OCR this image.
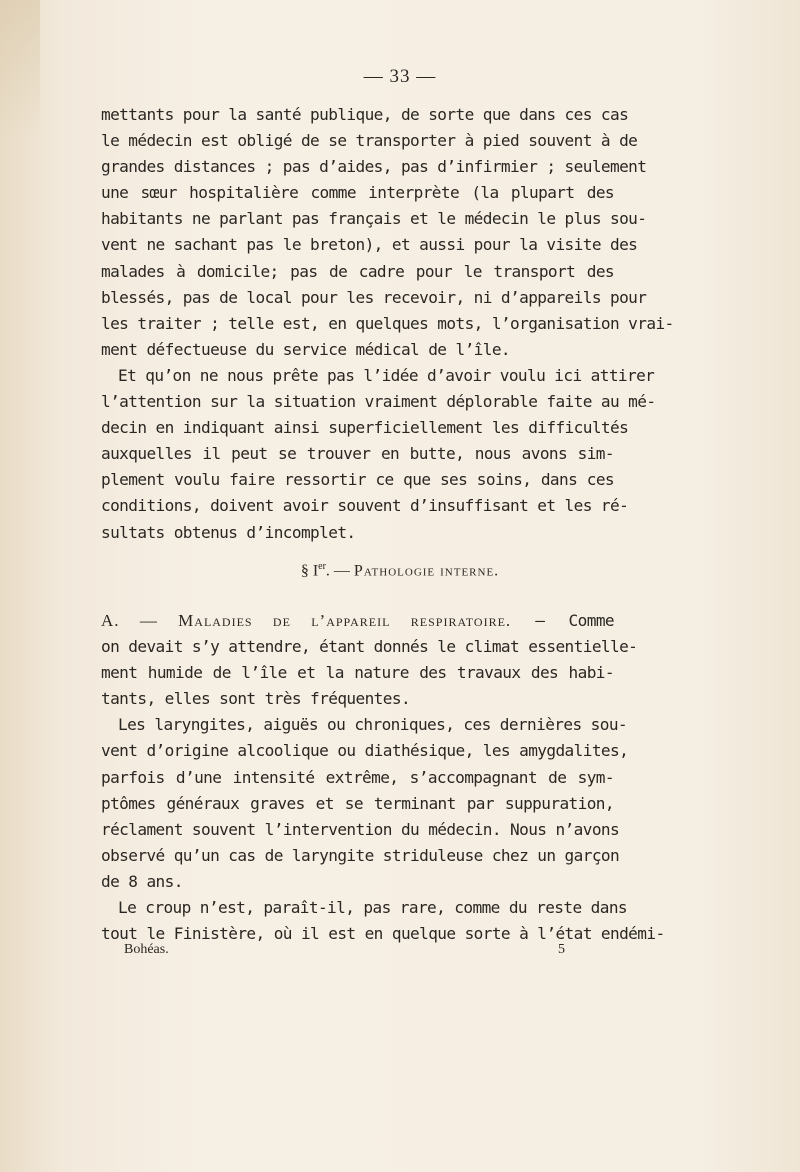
— 33 —

mettants pour la santé publique, de sorte que dans ces cas
le médecin est obligé de se transporter à pied souvent à de
grandes distances ; pas d’aides, pas d’infirmier ; seulement
une sœur hospitalière comme interprète (la plupart des
habitants ne parlant pas français et le médecin le plus sou-
vent ne sachant pas le breton), et aussi pour la visite des
malades à domicile; pas de cadre pour le transport des
blessés, pas de local pour les recevoir, ni d’appareils pour
les traiter ; telle est, en quelques mots, l’organisation vrai-
ment défectueuse du service médical de l’île.

Et qu’on ne nous prête pas l’idée d’avoir voulu ici attirer
l’attention sur la situation vraiment déplorable faite au mé-
decin en indiquant ainsi superficiellement les difficultés
auxquelles il peut se trouver en butte, nous avons sim-
plement voulu faire ressortir ce que ses soins, dans ces
conditions, doivent avoir souvent d’insuffisant et les ré-
sultats obtenus d’incomplet.

§ Ier. — Pathologie interne.

A. — Maladies de l’appareil respiratoire. — Comme
on devait s’y attendre, étant donnés le climat essentielle-
ment humide de l’île et la nature des travaux des habi-
tants, elles sont très fréquentes.

Les laryngites, aiguës ou chroniques, ces dernières sou-
vent d’origine alcoolique ou diathésique, les amygdalites,
parfois d’une intensité extrême, s’accompagnant de sym-
ptômes généraux graves et se terminant par suppuration,
réclament souvent l’intervention du médecin. Nous n’avons
observé qu’un cas de laryngite striduleuse chez un garçon
de 8 ans.

Le croup n’est, paraît-il, pas rare, comme du reste dans
tout le Finistère, où il est en quelque sorte à l’état endémi-

Bohéas.	5
